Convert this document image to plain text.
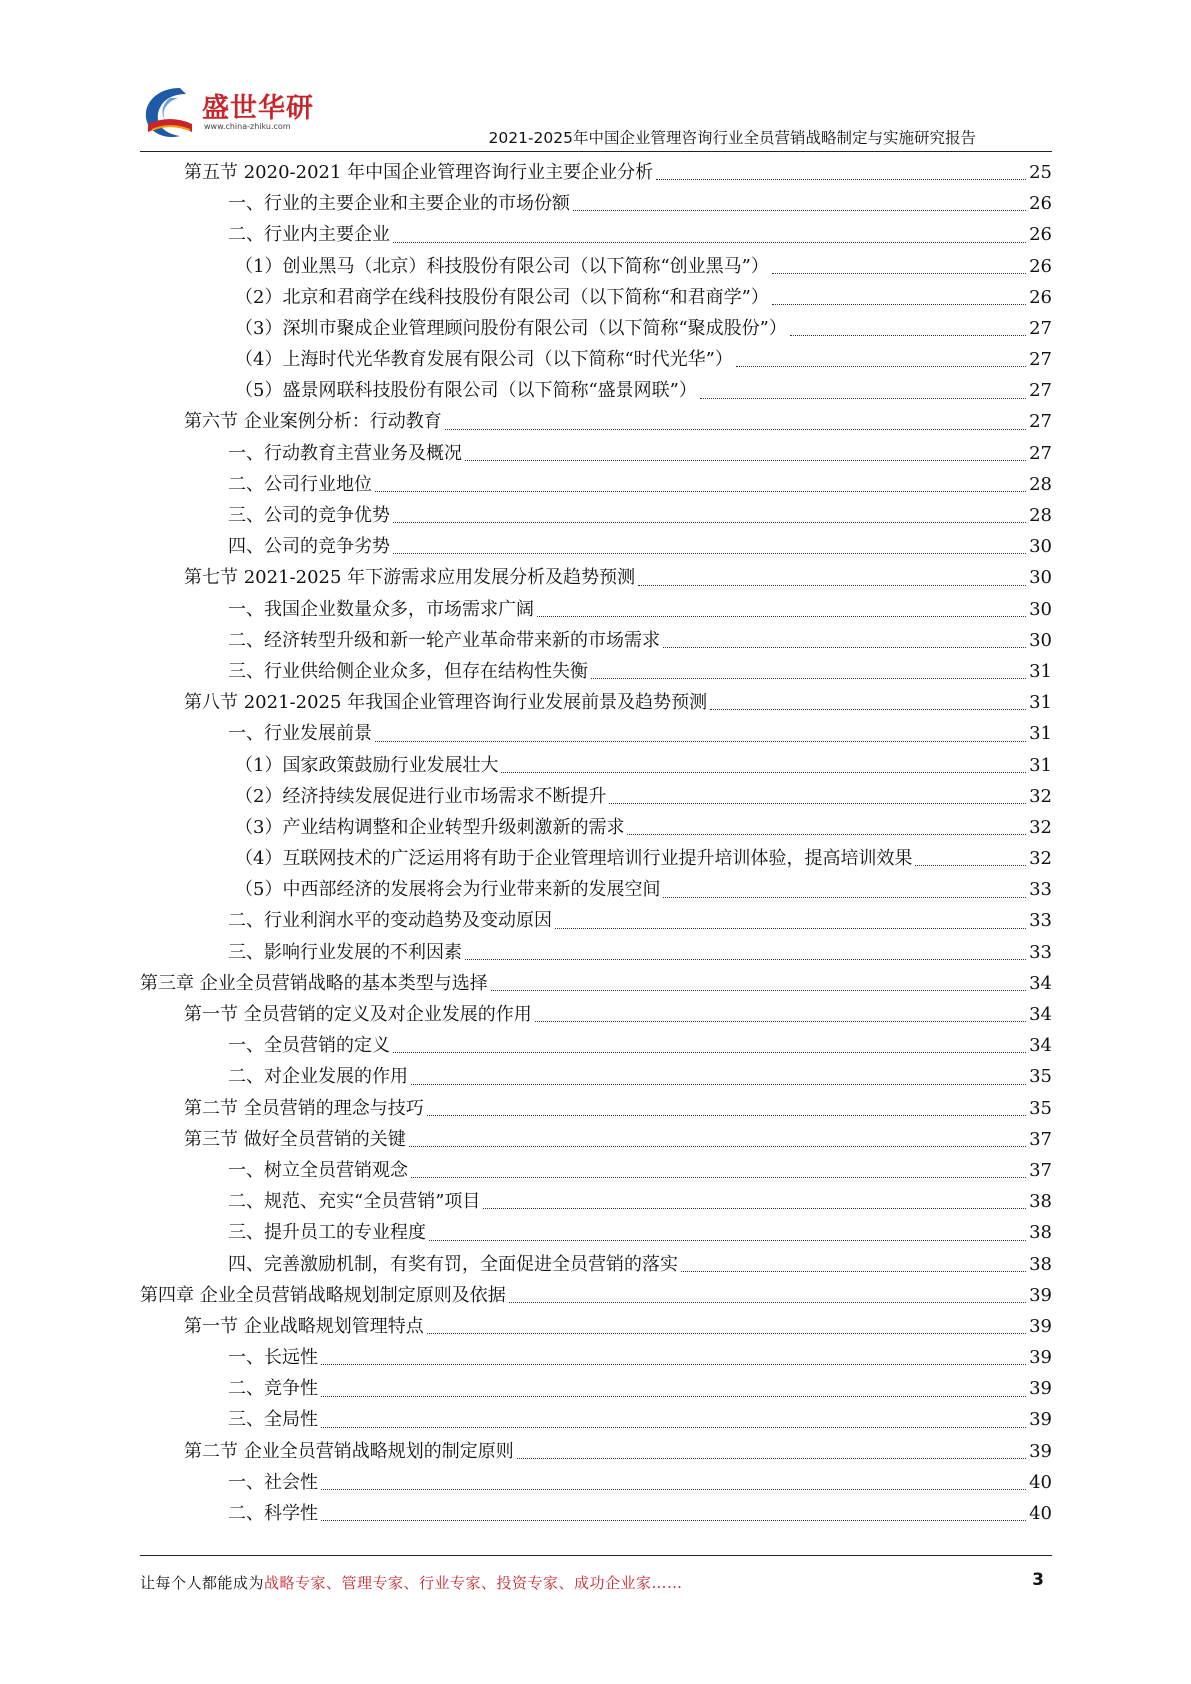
盛世华研
www.china-zhiku.com
2021-2025年中国企业管理咨询行业全员营销战略制定与实施研究报告
第五节 2020-2021 年中国企业管理咨询行业主要企业分析	25
一、行业的主要企业和主要企业的市场份额	26
二、行业内主要企业	26
（1）创业黑马（北京）科技股份有限公司（以下简称“创业黑马”）	26
（2）北京和君商学在线科技股份有限公司（以下简称“和君商学”）	26
（3）深圳市聚成企业管理顾问股份有限公司（以下简称“聚成股份”）	27
（4）上海时代光华教育发展有限公司（以下简称“时代光华”）	27
（5）盛景网联科技股份有限公司（以下简称“盛景网联”）	27
第六节 企业案例分析：行动教育	27
一、行动教育主营业务及概况	27
二、公司行业地位	28
三、公司的竞争优势	28
四、公司的竞争劣势	30
第七节 2021-2025 年下游需求应用发展分析及趋势预测	30
一、我国企业数量众多，市场需求广阔	30
二、经济转型升级和新一轮产业革命带来新的市场需求	30
三、行业供给侧企业众多，但存在结构性失衡	31
第八节 2021-2025 年我国企业管理咨询行业发展前景及趋势预测	31
一、行业发展前景	31
（1）国家政策鼓励行业发展壮大	31
（2）经济持续发展促进行业市场需求不断提升	32
（3）产业结构调整和企业转型升级刺激新的需求	32
（4）互联网技术的广泛运用将有助于企业管理培训行业提升培训体验，提高培训效果	32
（5）中西部经济的发展将会为行业带来新的发展空间	33
二、行业利润水平的变动趋势及变动原因	33
三、影响行业发展的不利因素	33
第三章 企业全员营销战略的基本类型与选择	34
第一节 全员营销的定义及对企业发展的作用	34
一、全员营销的定义	34
二、对企业发展的作用	35
第二节 全员营销的理念与技巧	35
第三节 做好全员营销的关键	37
一、树立全员营销观念	37
二、规范、充实“全员营销”项目	38
三、提升员工的专业程度	38
四、完善激励机制，有奖有罚，全面促进全员营销的落实	38
第四章 企业全员营销战略规划制定原则及依据	39
第一节 企业战略规划管理特点	39
一、长远性	39
二、竞争性	39
三、全局性	39
第二节 企业全员营销战略规划的制定原则	39
一、社会性	40
二、科学性	40
让每个人都能成为战略专家、管理专家、行业专家、投资专家、成功企业家……	3
